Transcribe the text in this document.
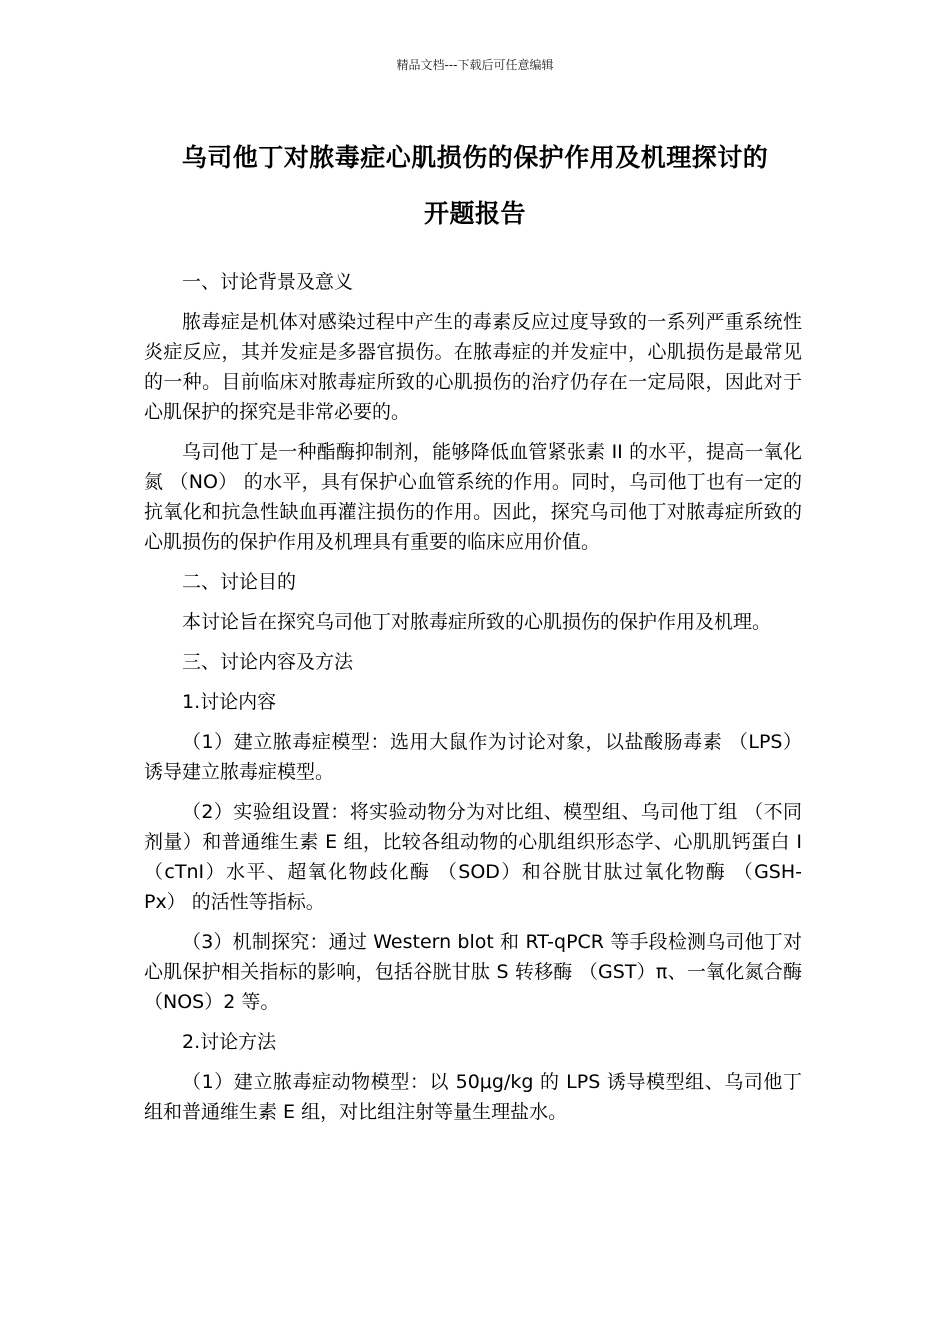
精品文档---下载后可任意编辑
乌司他丁对脓毒症心肌损伤的保护作用及机理探讨的
开题报告

一、讨论背景及意义

脓毒症是机体对感染过程中产生的毒素反应过度导致的一系列严重系统性炎症反应，其并发症是多器官损伤。在脓毒症的并发症中，心肌损伤是最常见的一种。目前临床对脓毒症所致的心肌损伤的治疗仍存在一定局限，因此对于心肌保护的探究是非常必要的。

乌司他丁是一种酯酶抑制剂，能够降低血管紧张素 II 的水平，提高一氧化氮 （NO） 的水平，具有保护心血管系统的作用。同时，乌司他丁也有一定的抗氧化和抗急性缺血再灌注损伤的作用。因此，探究乌司他丁对脓毒症所致的心肌损伤的保护作用及机理具有重要的临床应用价值。

二、讨论目的

本讨论旨在探究乌司他丁对脓毒症所致的心肌损伤的保护作用及机理。

三、讨论内容及方法

1.讨论内容

（1）建立脓毒症模型：选用大鼠作为讨论对象，以盐酸肠毒素 （LPS）诱导建立脓毒症模型。

（2）实验组设置：将实验动物分为对比组、模型组、乌司他丁组 （不同剂量）和普通维生素 E 组，比较各组动物的心肌组织形态学、心肌肌钙蛋白 I （cTnI）水平、超氧化物歧化酶 （SOD）和谷胱甘肽过氧化物酶 （GSH-Px） 的活性等指标。

（3）机制探究：通过 Western blot 和 RT-qPCR 等手段检测乌司他丁对心肌保护相关指标的影响，包括谷胱甘肽 S 转移酶 （GST）π、一氧化氮合酶 （NOS）2 等。

2.讨论方法

（1）建立脓毒症动物模型：以 50μg/kg 的 LPS 诱导模型组、乌司他丁组和普通维生素 E 组，对比组注射等量生理盐水。
